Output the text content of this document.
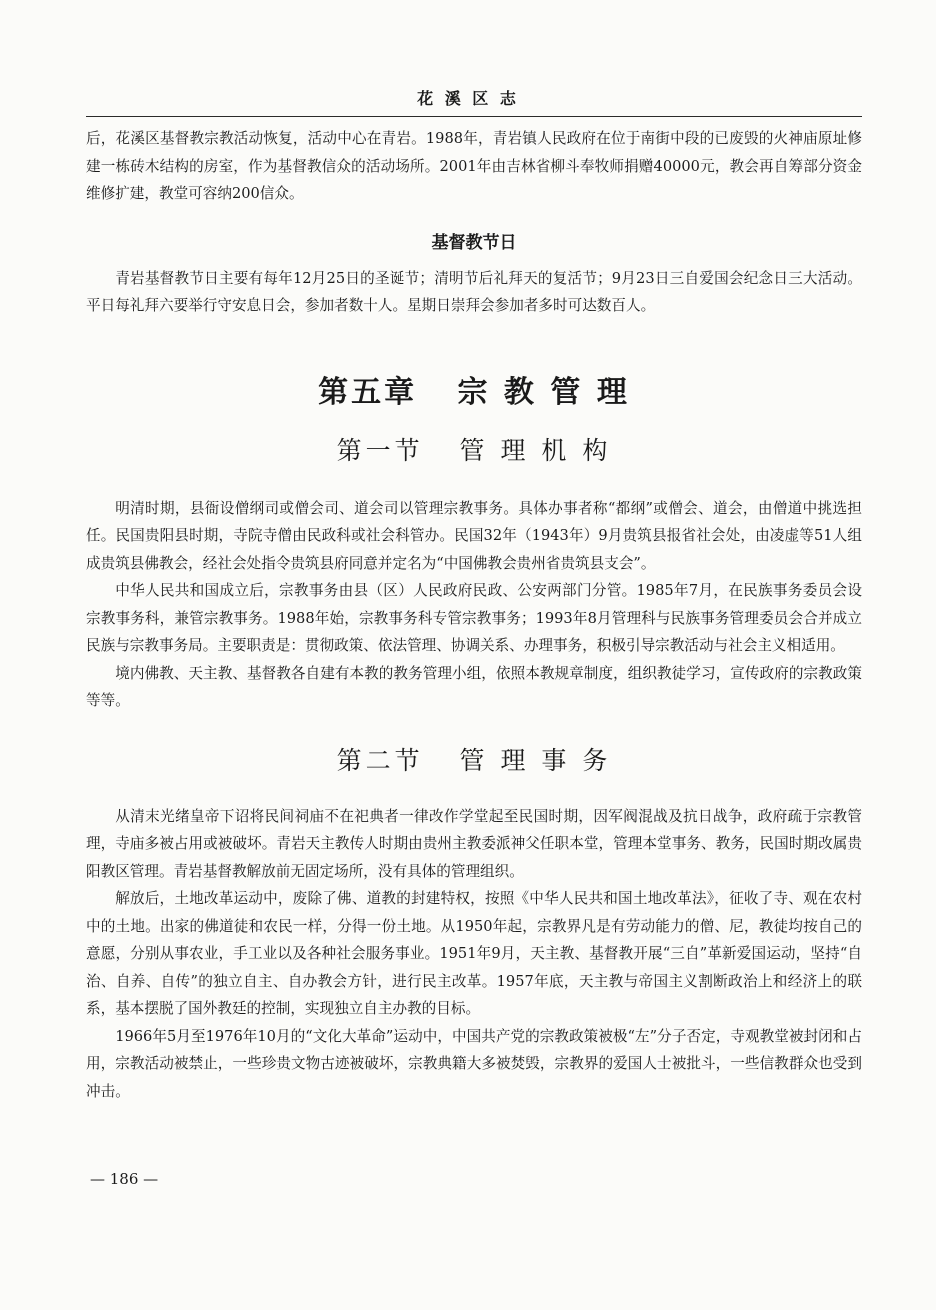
花 溪 区 志

后，花溪区基督教宗教活动恢复，活动中心在青岩。1988年，青岩镇人民政府在位于南街中段的已废毁的火神庙原址修建一栋砖木结构的房室，作为基督教信众的活动场所。2001年由吉林省柳斗奉牧师捐赠40000元，教会再自筹部分资金维修扩建，教堂可容纳200信众。

基督教节日

青岩基督教节日主要有每年12月25日的圣诞节；清明节后礼拜天的复活节；9月23日三自爱国会纪念日三大活动。平日每礼拜六要举行守安息日会，参加者数十人。星期日崇拜会参加者多时可达数百人。

第五章   宗 教 管 理
第一节   管 理 机 构

明清时期，县衙设僧纲司或僧会司、道会司以管理宗教事务。具体办事者称“都纲”或僧会、道会，由僧道中挑选担任。民国贵阳县时期，寺院寺僧由民政科或社会科管办。民国32年（1943年）9月贵筑县报省社会处，由凌虚等51人组成贵筑县佛教会，经社会处指令贵筑县府同意并定名为“中国佛教会贵州省贵筑县支会”。

中华人民共和国成立后，宗教事务由县（区）人民政府民政、公安两部门分管。1985年7月，在民族事务委员会设宗教事务科，兼管宗教事务。1988年始，宗教事务科专管宗教事务；1993年8月管理科与民族事务管理委员会合并成立民族与宗教事务局。主要职责是：贯彻政策、依法管理、协调关系、办理事务，积极引导宗教活动与社会主义相适用。

境内佛教、天主教、基督教各自建有本教的教务管理小组，依照本教规章制度，组织教徒学习，宣传政府的宗教政策等等。

第二节   管 理 事 务

从清末光绪皇帝下诏将民间祠庙不在祀典者一律改作学堂起至民国时期，因军阀混战及抗日战争，政府疏于宗教管理，寺庙多被占用或被破坏。青岩天主教传人时期由贵州主教委派神父任职本堂，管理本堂事务、教务，民国时期改属贵阳教区管理。青岩基督教解放前无固定场所，没有具体的管理组织。

解放后，土地改革运动中，废除了佛、道教的封建特权，按照《中华人民共和国土地改革法》，征收了寺、观在农村中的土地。出家的佛道徒和农民一样，分得一份土地。从1950年起，宗教界凡是有劳动能力的僧、尼，教徒均按自己的意愿，分别从事农业，手工业以及各种社会服务事业。1951年9月，天主教、基督教开展“三自”革新爱国运动，坚持“自治、自养、自传”的独立自主、自办教会方针，进行民主改革。1957年底，天主教与帝国主义割断政治上和经济上的联系，基本摆脱了国外教廷的控制，实现独立自主办教的目标。

1966年5月至1976年10月的“文化大革命”运动中，中国共产党的宗教政策被极“左”分子否定，寺观教堂被封闭和占用，宗教活动被禁止，一些珍贵文物古迹被破坏，宗教典籍大多被焚毁，宗教界的爱国人士被批斗，一些信教群众也受到冲击。

— 186 —
